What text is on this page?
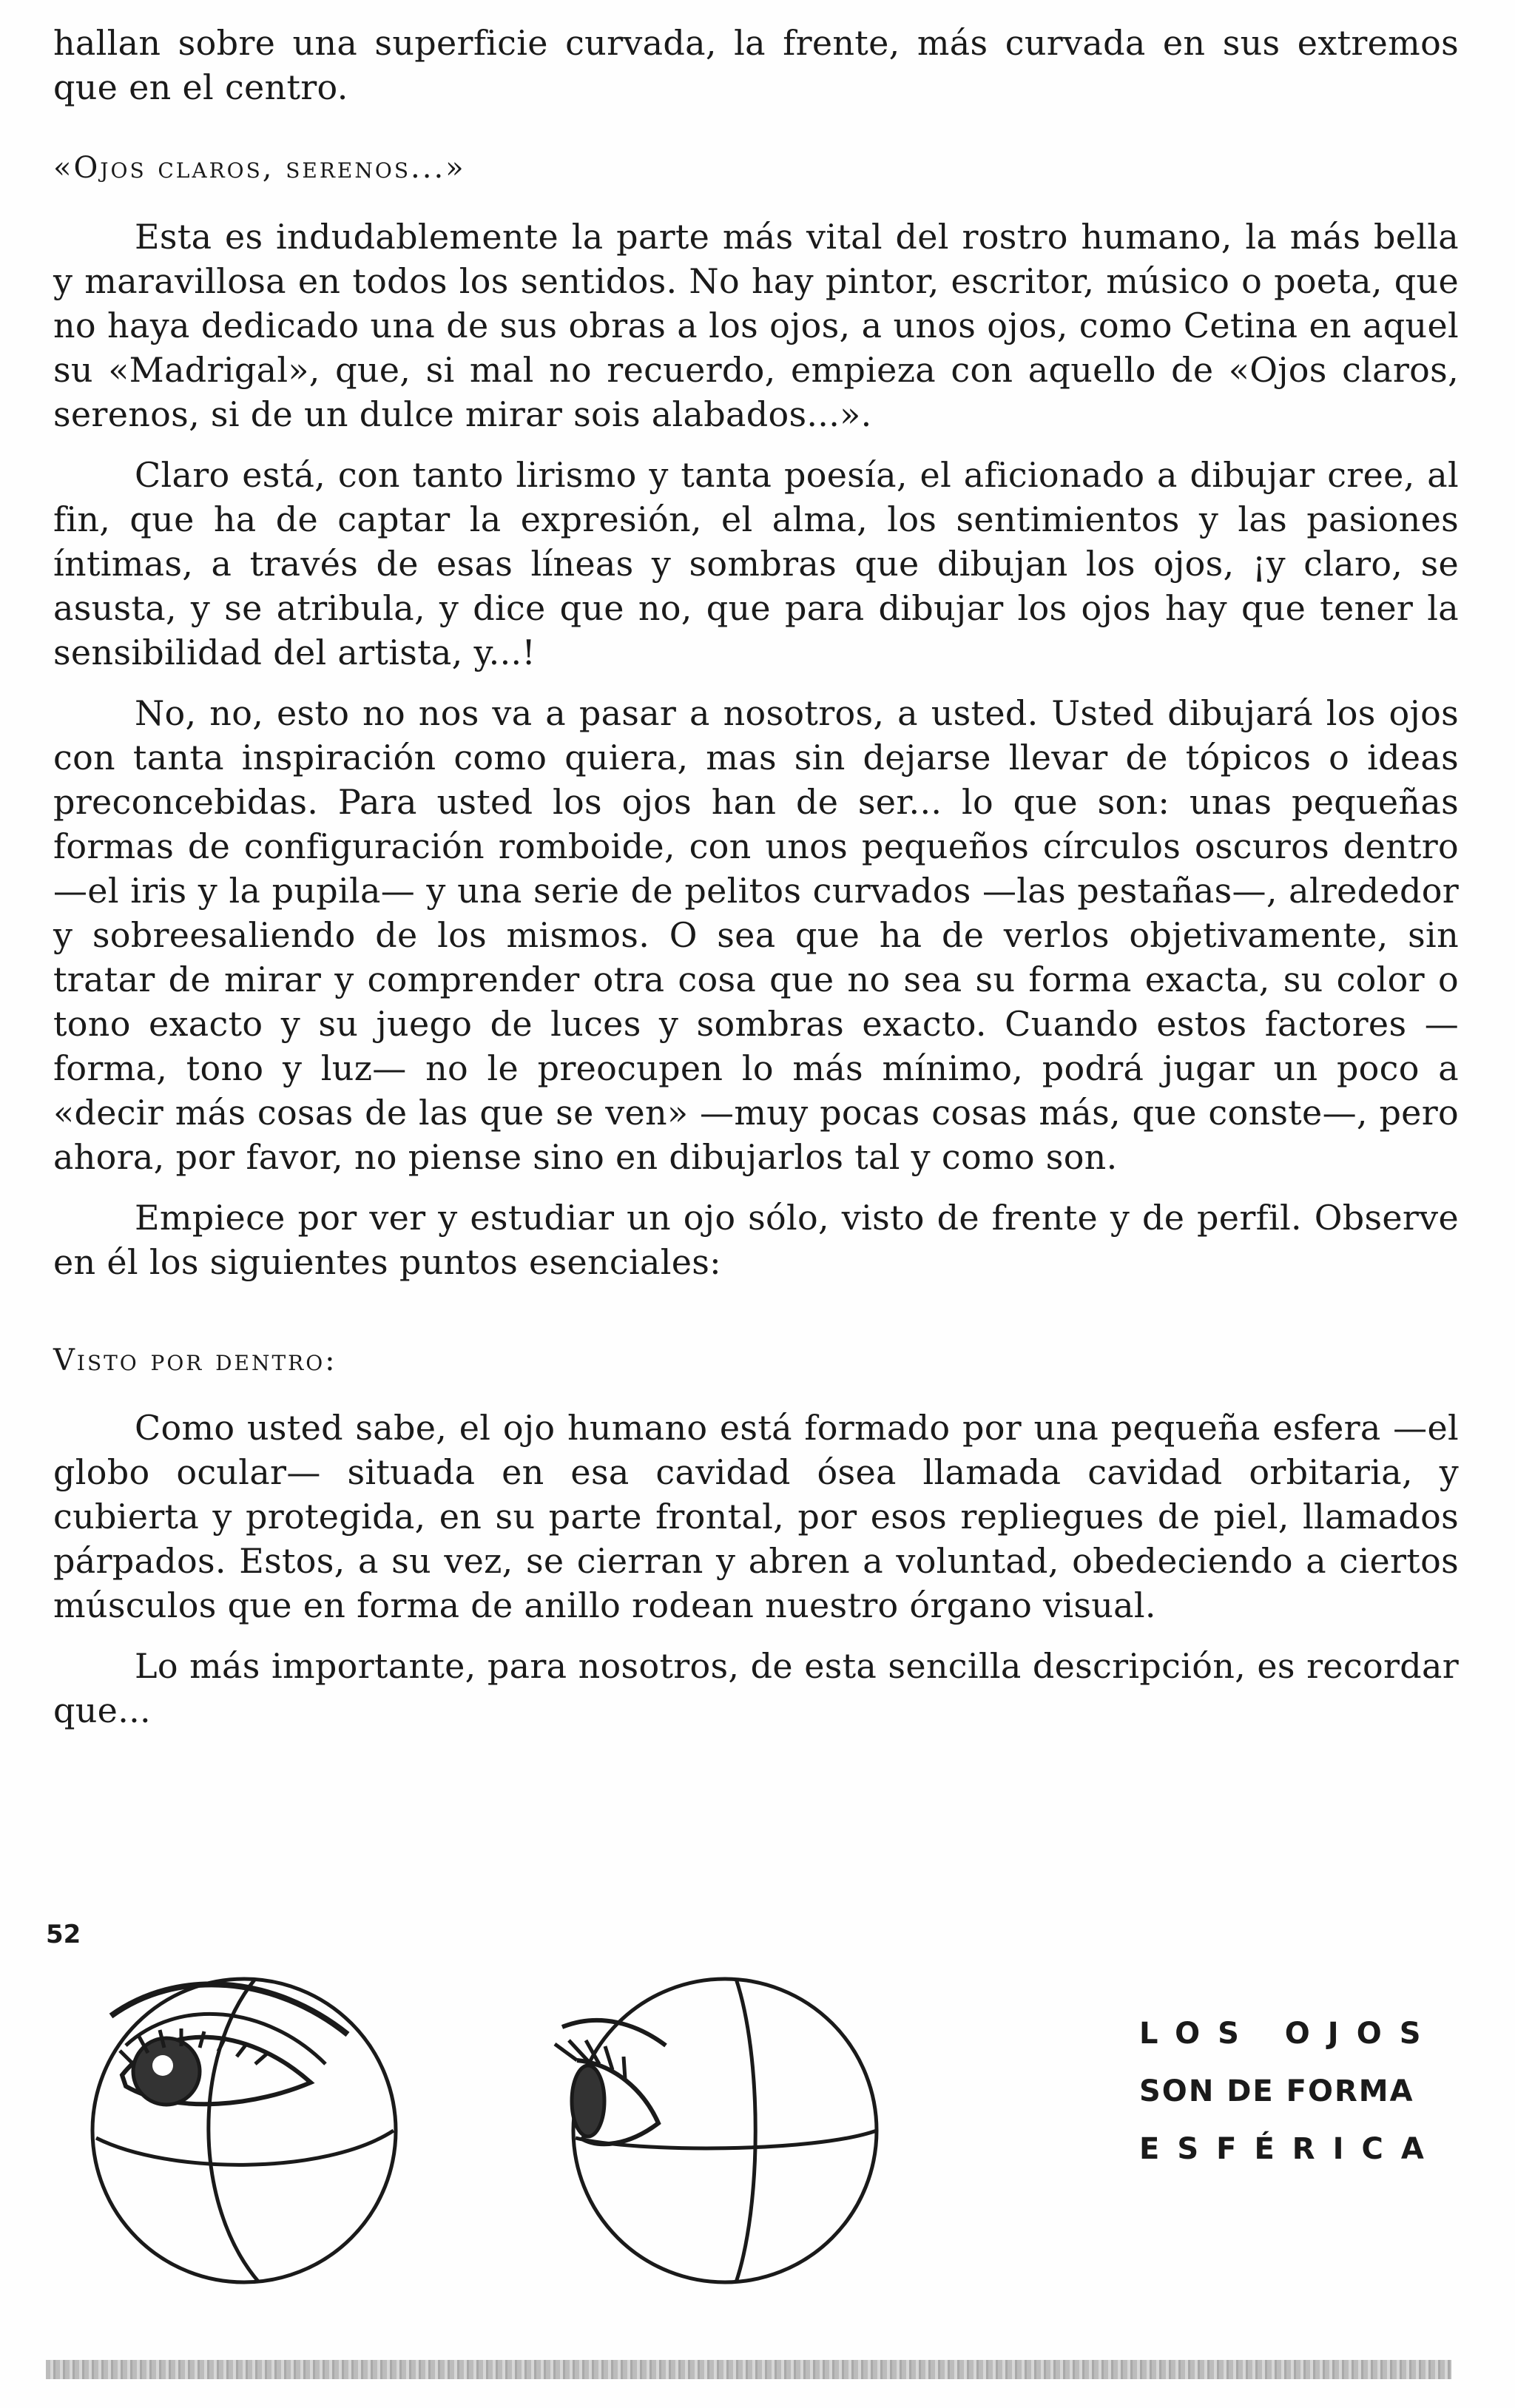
hallan sobre una superficie curvada, la frente, más curvada en sus extremos que en el centro.

«Ojos claros, serenos...»

Esta es indudablemente la parte más vital del rostro humano, la más bella y maravillosa en todos los sentidos. No hay pintor, escritor, músico o poeta, que no haya dedicado una de sus obras a los ojos, a unos ojos, como Cetina en aquel su «Madrigal», que, si mal no recuerdo, empieza con aquello de «Ojos claros, serenos, si de un dulce mirar sois alabados...».

Claro está, con tanto lirismo y tanta poesía, el aficionado a dibujar cree, al fin, que ha de captar la expresión, el alma, los sentimientos y las pasiones íntimas, a través de esas líneas y sombras que dibujan los ojos, ¡y claro, se asusta, y se atribula, y dice que no, que para dibujar los ojos hay que tener la sensibilidad del artista, y...!

No, no, esto no nos va a pasar a nosotros, a usted. Usted dibujará los ojos con tanta inspiración como quiera, mas sin dejarse llevar de tópicos o ideas preconcebidas. Para usted los ojos han de ser... lo que son: unas pequeñas formas de configuración romboide, con unos pequeños círculos oscuros dentro —el iris y la pupila— y una serie de pelitos curvados —las pestañas—, alrededor y sobreesaliendo de los mismos. O sea que ha de verlos objetivamente, sin tratar de mirar y comprender otra cosa que no sea su forma exacta, su color o tono exacto y su juego de luces y sombras exacto. Cuando estos factores —forma, tono y luz— no le preocupen lo más mínimo, podrá jugar un poco a «decir más cosas de las que se ven» —muy pocas cosas más, que conste—, pero ahora, por favor, no piense sino en dibujarlos tal y como son.

Empiece por ver y estudiar un ojo sólo, visto de frente y de perfil. Observe en él los siguientes puntos esenciales:

Visto por dentro:

Como usted sabe, el ojo humano está formado por una pequeña esfera —el globo ocular— situada en esa cavidad ósea llamada cavidad orbitaria, y cubierta y protegida, en su parte frontal, por esos repliegues de piel, llamados párpados. Estos, a su vez, se cierran y abren a voluntad, obedeciendo a ciertos músculos que en forma de anillo rodean nuestro órgano visual.

Lo más importante, para nosotros, de esta sencilla descripción, es recordar que...

52
LOS OJOS
SON DE FORMA
ESFÉRICA
